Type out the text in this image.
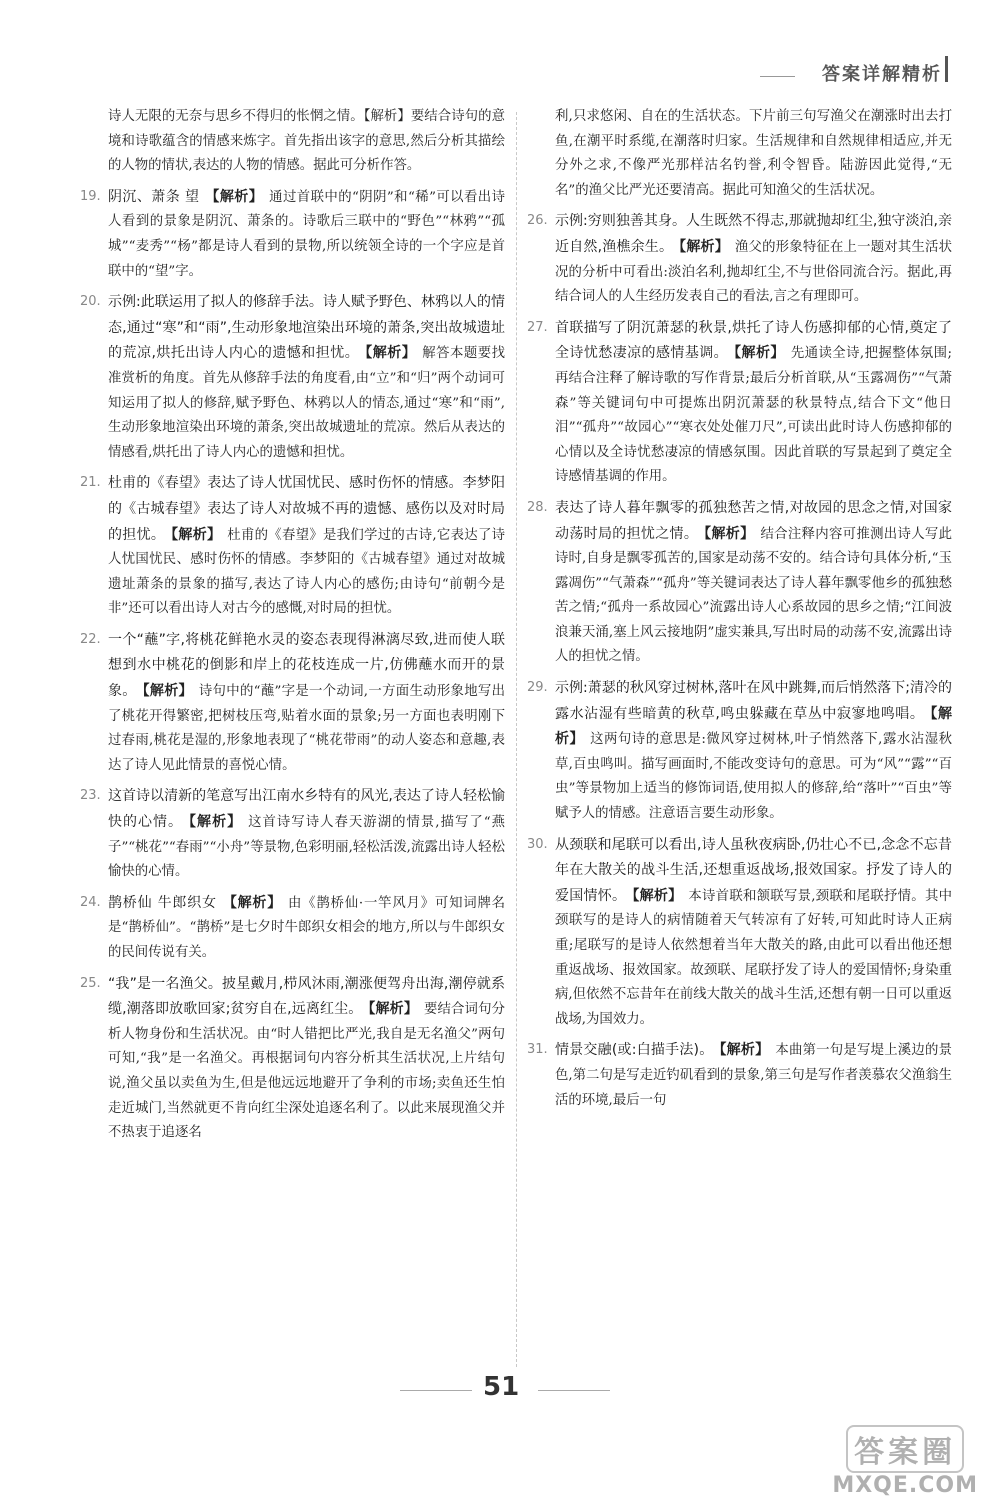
答案详解精析
诗人无限的无奈与思乡不得归的怅惘之情。【解析】要结合诗句的意境和诗歌蕴含的情感来炼字。首先指出该字的意思,然后分析其描绘的人物的情状,表达的人物的情感。据此可分析作答。
19. 阴沉、萧条 望 【解析】 通过首联中的“阴阴”和“稀”可以看出诗人看到的景象是阴沉、萧条的。诗歌后三联中的“野色”“林鸦”“孤城”“麦秀”“杨”都是诗人看到的景物,所以统领全诗的一个字应是首联中的“望”字。
20. 示例:此联运用了拟人的修辞手法。诗人赋予野色、林鸦以人的情态,通过“寒”和“雨”,生动形象地渲染出环境的萧条,突出故城遗址的荒凉,烘托出诗人内心的遗憾和担忧。 【解析】 解答本题要找准赏析的角度。首先从修辞手法的角度看,由“立”和“归”两个动词可知运用了拟人的修辞,赋予野色、林鸦以人的情态,通过“寒”和“雨”,生动形象地渲染出环境的萧条,突出故城遗址的荒凉。然后从表达的情感看,烘托出了诗人内心的遗憾和担忧。
21. 杜甫的《春望》表达了诗人忧国忧民、感时伤怀的情感。李梦阳的《古城春望》表达了诗人对故城不再的遗憾、感伤以及对时局的担忧。 【解析】 杜甫的《春望》是我们学过的古诗,它表达了诗人忧国忧民、感时伤怀的情感。李梦阳的《古城春望》通过对故城遗址萧条的景象的描写,表达了诗人内心的感伤;由诗句“前朝今是非”还可以看出诗人对古今的感慨,对时局的担忧。
22. 一个“蘸”字,将桃花鲜艳水灵的姿态表现得淋漓尽致,进而使人联想到水中桃花的倒影和岸上的花枝连成一片,仿佛蘸水而开的景象。 【解析】 诗句中的“蘸”字是一个动词,一方面生动形象地写出了桃花开得繁密,把树枝压弯,贴着水面的景象;另一方面也表明刚下过春雨,桃花是湿的,形象地表现了“桃花带雨”的动人姿态和意趣,表达了诗人见此情景的喜悦心情。
23. 这首诗以清新的笔意写出江南水乡特有的风光,表达了诗人轻松愉快的心情。 【解析】 这首诗写诗人春天游湖的情景,描写了“燕子”“桃花”“春雨”“小舟”等景物,色彩明丽,轻松活泼,流露出诗人轻松愉快的心情。
24. 鹊桥仙 牛郎织女 【解析】 由《鹊桥仙·一竿风月》可知词牌名是“鹊桥仙”。“鹊桥”是七夕时牛郎织女相会的地方,所以与牛郎织女的民间传说有关。
25. “我”是一名渔父。披星戴月,栉风沐雨,潮涨便驾舟出海,潮停就系缆,潮落即放歌回家;贫穷自在,远离红尘。 【解析】 要结合词句分析人物身份和生活状况。由“时人错把比严光,我自是无名渔父”两句可知,“我”是一名渔父。再根据词句内容分析其生活状况,上片结句说,渔父虽以卖鱼为生,但是他远远地避开了争利的市场;卖鱼还生怕走近城门,当然就更不肯向红尘深处追逐名利了。以此来展现渔父并不热衷于追逐名
利,只求悠闲、自在的生活状态。下片前三句写渔父在潮涨时出去打鱼,在潮平时系缆,在潮落时归家。生活规律和自然规律相适应,并无分外之求,不像严光那样沽名钓誉,利令智昏。陆游因此觉得,“无名”的渔父比严光还要清高。据此可知渔父的生活状况。
26. 示例:穷则独善其身。人生既然不得志,那就抛却红尘,独守淡泊,亲近自然,渔樵余生。 【解析】 渔父的形象特征在上一题对其生活状况的分析中可看出:淡泊名利,抛却红尘,不与世俗同流合污。据此,再结合词人的人生经历发表自己的看法,言之有理即可。
27. 首联描写了阴沉萧瑟的秋景,烘托了诗人伤感抑郁的心情,奠定了全诗忧愁凄凉的感情基调。 【解析】 先通读全诗,把握整体氛围;再结合注释了解诗歌的写作背景;最后分析首联,从“玉露凋伤”“气萧森”等关键词句中可提炼出阴沉萧瑟的秋景特点,结合下文“他日泪”“孤舟”“故园心”“寒衣处处催刀尺”,可读出此时诗人伤感抑郁的心情以及全诗忧愁凄凉的情感氛围。因此首联的写景起到了奠定全诗感情基调的作用。
28. 表达了诗人暮年飘零的孤独愁苦之情,对故园的思念之情,对国家动荡时局的担忧之情。 【解析】 结合注释内容可推测出诗人写此诗时,自身是飘零孤苦的,国家是动荡不安的。结合诗句具体分析,“玉露凋伤”“气萧森”“孤舟”等关键词表达了诗人暮年飘零他乡的孤独愁苦之情;“孤舟一系故园心”流露出诗人心系故园的思乡之情;“江间波浪兼天涌,塞上风云接地阴”虚实兼具,写出时局的动荡不安,流露出诗人的担忧之情。
29. 示例:萧瑟的秋风穿过树林,落叶在风中跳舞,而后悄然落下;清冷的露水沾湿有些暗黄的秋草,鸣虫躲藏在草丛中寂寥地鸣唱。 【解析】 这两句诗的意思是:微风穿过树林,叶子悄然落下,露水沾湿秋草,百虫鸣叫。描写画面时,不能改变诗句的意思。可为“风”“露”“百虫”等景物加上适当的修饰词语,使用拟人的修辞,给“落叶”“百虫”等赋予人的情感。注意语言要生动形象。
30. 从颈联和尾联可以看出,诗人虽秋夜病卧,仍壮心不已,念念不忘昔年在大散关的战斗生活,还想重返战场,报效国家。抒发了诗人的爱国情怀。 【解析】 本诗首联和颔联写景,颈联和尾联抒情。其中颈联写的是诗人的病情随着天气转凉有了好转,可知此时诗人正病重;尾联写的是诗人依然想着当年大散关的路,由此可以看出他还想重返战场、报效国家。故颈联、尾联抒发了诗人的爱国情怀;身染重病,但依然不忘昔年在前线大散关的战斗生活,还想有朝一日可以重返战场,为国效力。
31. 情景交融(或:白描手法)。 【解析】 本曲第一句是写堤上溪边的景色,第二句是写走近钓矶看到的景象,第三句是写作者羡慕农父渔翁生活的环境,最后一句
51
答案圈
MXQE.COM
